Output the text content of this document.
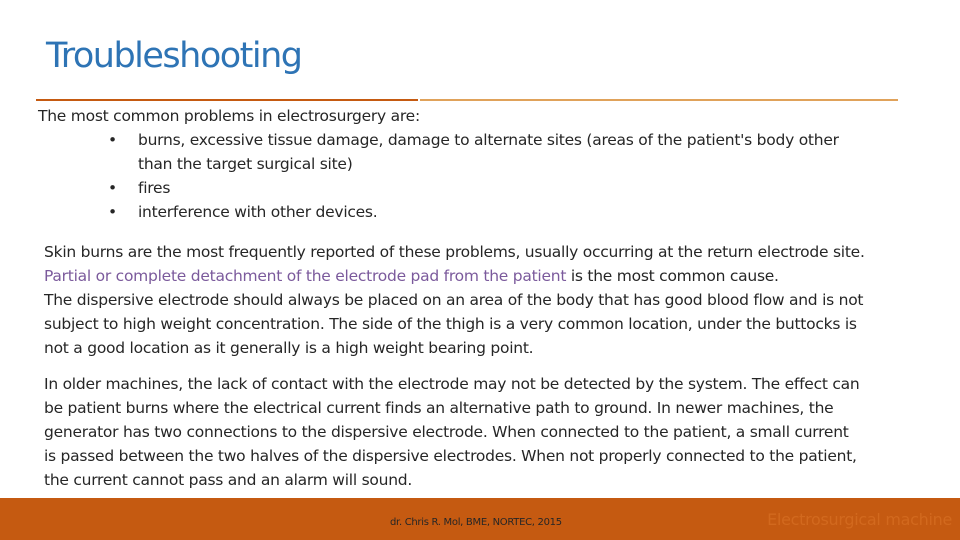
Troubleshooting
The most common problems in electrosurgery are:
• burns, excessive tissue damage, damage to alternate sites (areas of the patient's body other
than the target surgical site)
• fires
• interference with other devices.
Skin burns are the most frequently reported of these problems, usually occurring at the return electrode site.
Partial or complete detachment of the electrode pad from the patient is the most common cause.
The dispersive electrode should always be placed on an area of the body that has good blood flow and is not
subject to high weight concentration. The side of the thigh is a very common location, under the buttocks is
not a good location as it generally is a high weight bearing point.
In older machines, the lack of contact with the electrode may not be detected by the system. The effect can
be patient burns where the electrical current finds an alternative path to ground. In newer machines, the
generator has two connections to the dispersive electrode. When connected to the patient, a small current
is passed between the two halves of the dispersive electrodes. When not properly connected to the patient,
the current cannot pass and an alarm will sound.
dr. Chris R. Mol, BME, NORTEC, 2015	Electrosurgical machine
